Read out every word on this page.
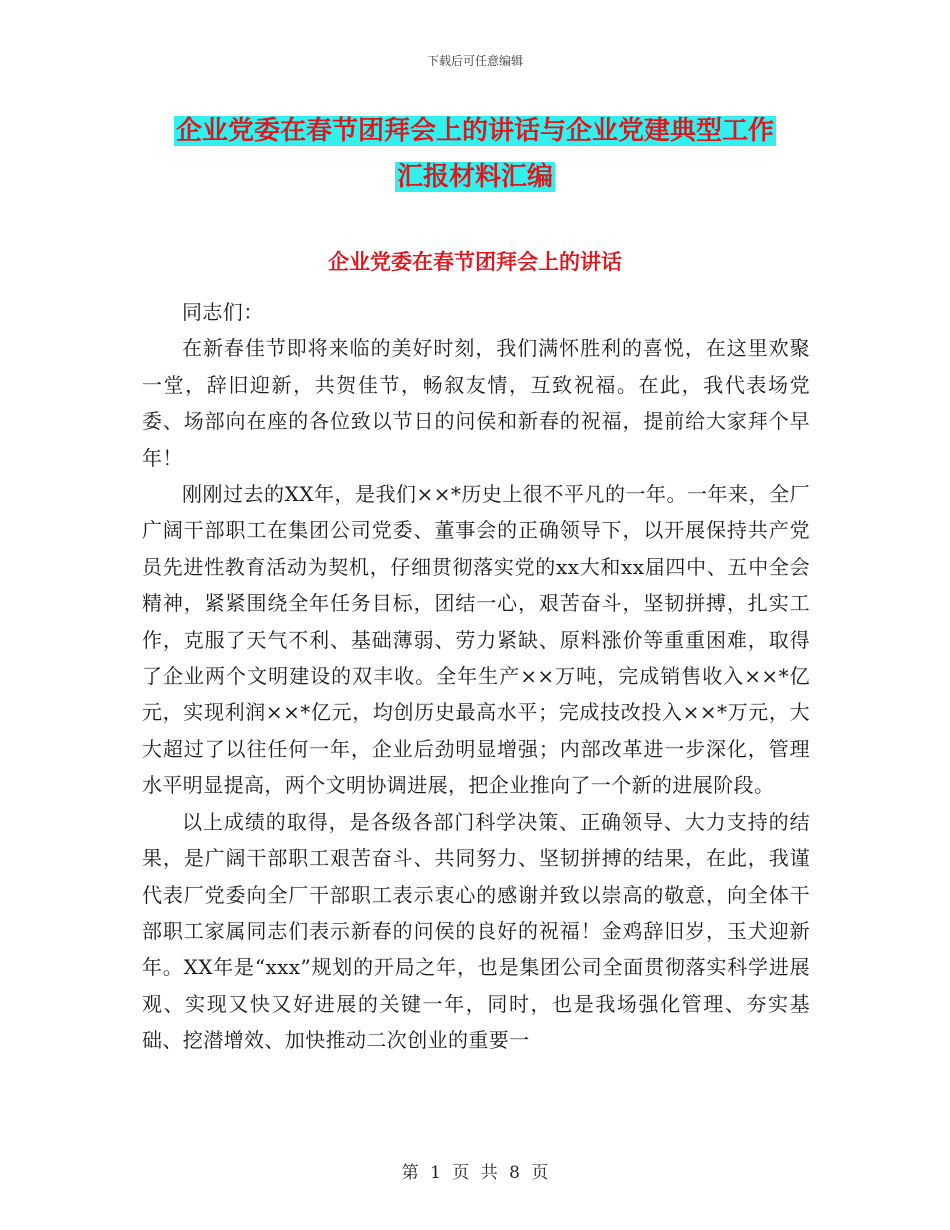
下载后可任意编辑
企业党委在春节团拜会上的讲话与企业党建典型工作
汇报材料汇编
企业党委在春节团拜会上的讲话

同志们：

在新春佳节即将来临的美好时刻，我们满怀胜利的喜悦，在这里欢聚一堂，辞旧迎新，共贺佳节，畅叙友情，互致祝福。在此，我代表场党委、场部向在座的各位致以节日的问侯和新春的祝福，提前给大家拜个早年！

刚刚过去的XX年，是我们××*历史上很不平凡的一年。一年来，全厂广阔干部职工在集团公司党委、董事会的正确领导下，以开展保持共产党员先进性教育活动为契机，仔细贯彻落实党的xx大和xx届四中、五中全会精神，紧紧围绕全年任务目标，团结一心，艰苦奋斗，坚韧拼搏，扎实工作，克服了天气不利、基础薄弱、劳力紧缺、原料涨价等重重困难，取得了企业两个文明建设的双丰收。全年生产××万吨，完成销售收入××*亿元，实现利润××*亿元，均创历史最高水平；完成技改投入××*万元，大大超过了以往任何一年，企业后劲明显增强；内部改革进一步深化，管理水平明显提高，两个文明协调进展，把企业推向了一个新的进展阶段。

以上成绩的取得，是各级各部门科学决策、正确领导、大力支持的结果，是广阔干部职工艰苦奋斗、共同努力、坚韧拼搏的结果，在此，我谨代表厂党委向全厂干部职工表示衷心的感谢并致以崇高的敬意，向全体干部职工家属同志们表示新春的问侯的良好的祝福！金鸡辞旧岁，玉犬迎新年。XX年是“xxx”规划的开局之年，也是集团公司全面贯彻落实科学进展观、实现又快又好进展的关键一年，同时，也是我场强化管理、夯实基础、挖潜增效、加快推动二次创业的重要一

第 1 页 共 8 页
